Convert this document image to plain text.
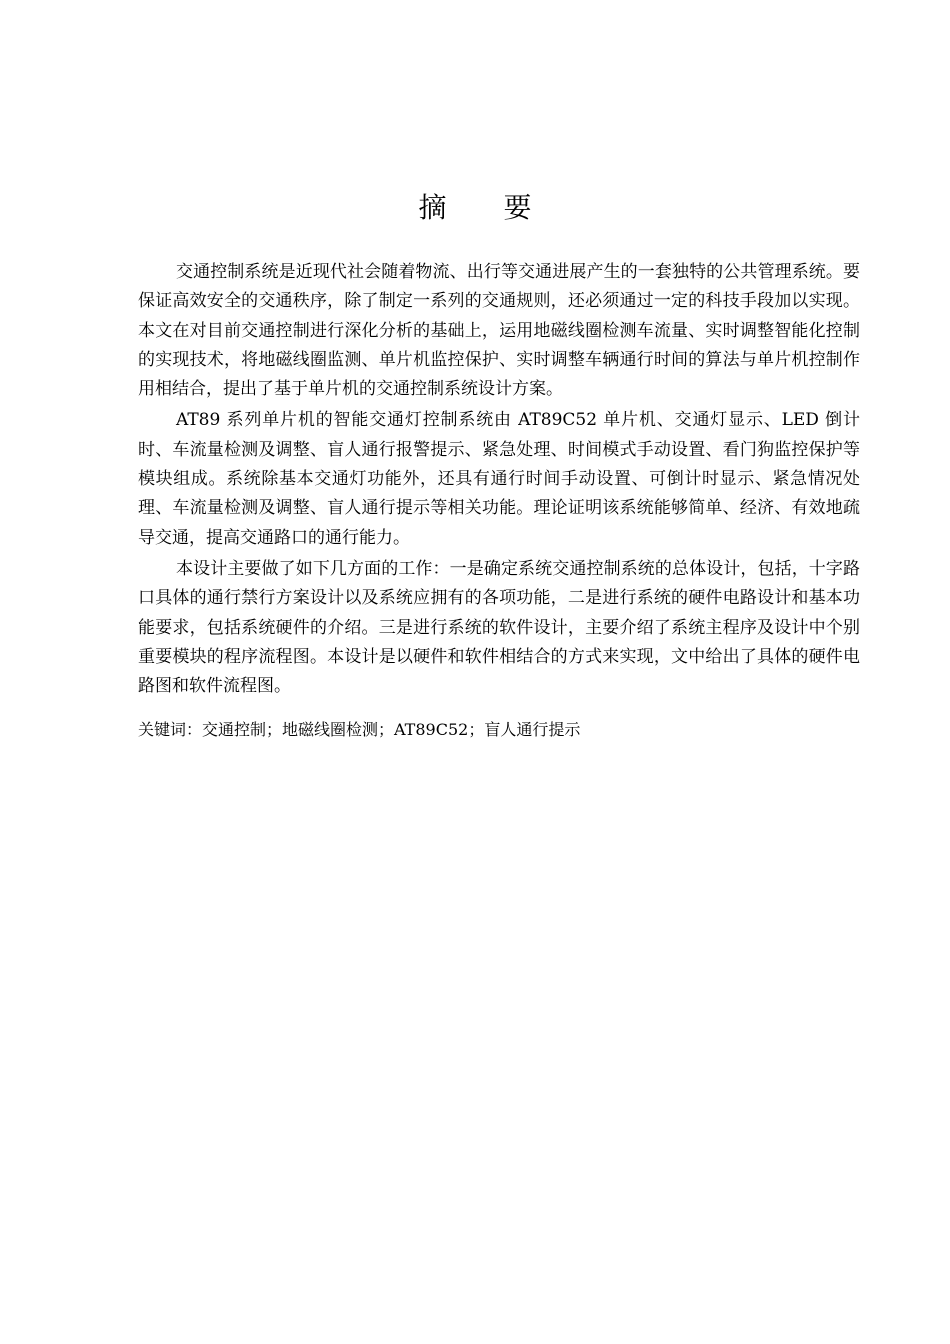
摘 要

交通控制系统是近现代社会随着物流、出行等交通进展产生的一套独特的公共管理系统。要保证高效安全的交通秩序，除了制定一系列的交通规则，还必须通过一定的科技手段加以实现。本文在对目前交通控制进行深化分析的基础上，运用地磁线圈检测车流量、实时调整智能化控制的实现技术，将地磁线圈监测、单片机监控保护、实时调整车辆通行时间的算法与单片机控制作用相结合，提出了基于单片机的交通控制系统设计方案。

AT89 系列单片机的智能交通灯控制系统由 AT89C52 单片机、交通灯显示、LED 倒计时、车流量检测及调整、盲人通行报警提示、紧急处理、时间模式手动设置、看门狗监控保护等模块组成。系统除基本交通灯功能外，还具有通行时间手动设置、可倒计时显示、紧急情况处理、车流量检测及调整、盲人通行提示等相关功能。理论证明该系统能够简单、经济、有效地疏导交通，提高交通路口的通行能力。

本设计主要做了如下几方面的工作：一是确定系统交通控制系统的总体设计，包括，十字路口具体的通行禁行方案设计以及系统应拥有的各项功能，二是进行系统的硬件电路设计和基本功能要求，包括系统硬件的介绍。三是进行系统的软件设计，主要介绍了系统主程序及设计中个别重要模块的程序流程图。本设计是以硬件和软件相结合的方式来实现，文中给出了具体的硬件电路图和软件流程图。

关键词：交通控制；地磁线圈检测；AT89C52；盲人通行提示
